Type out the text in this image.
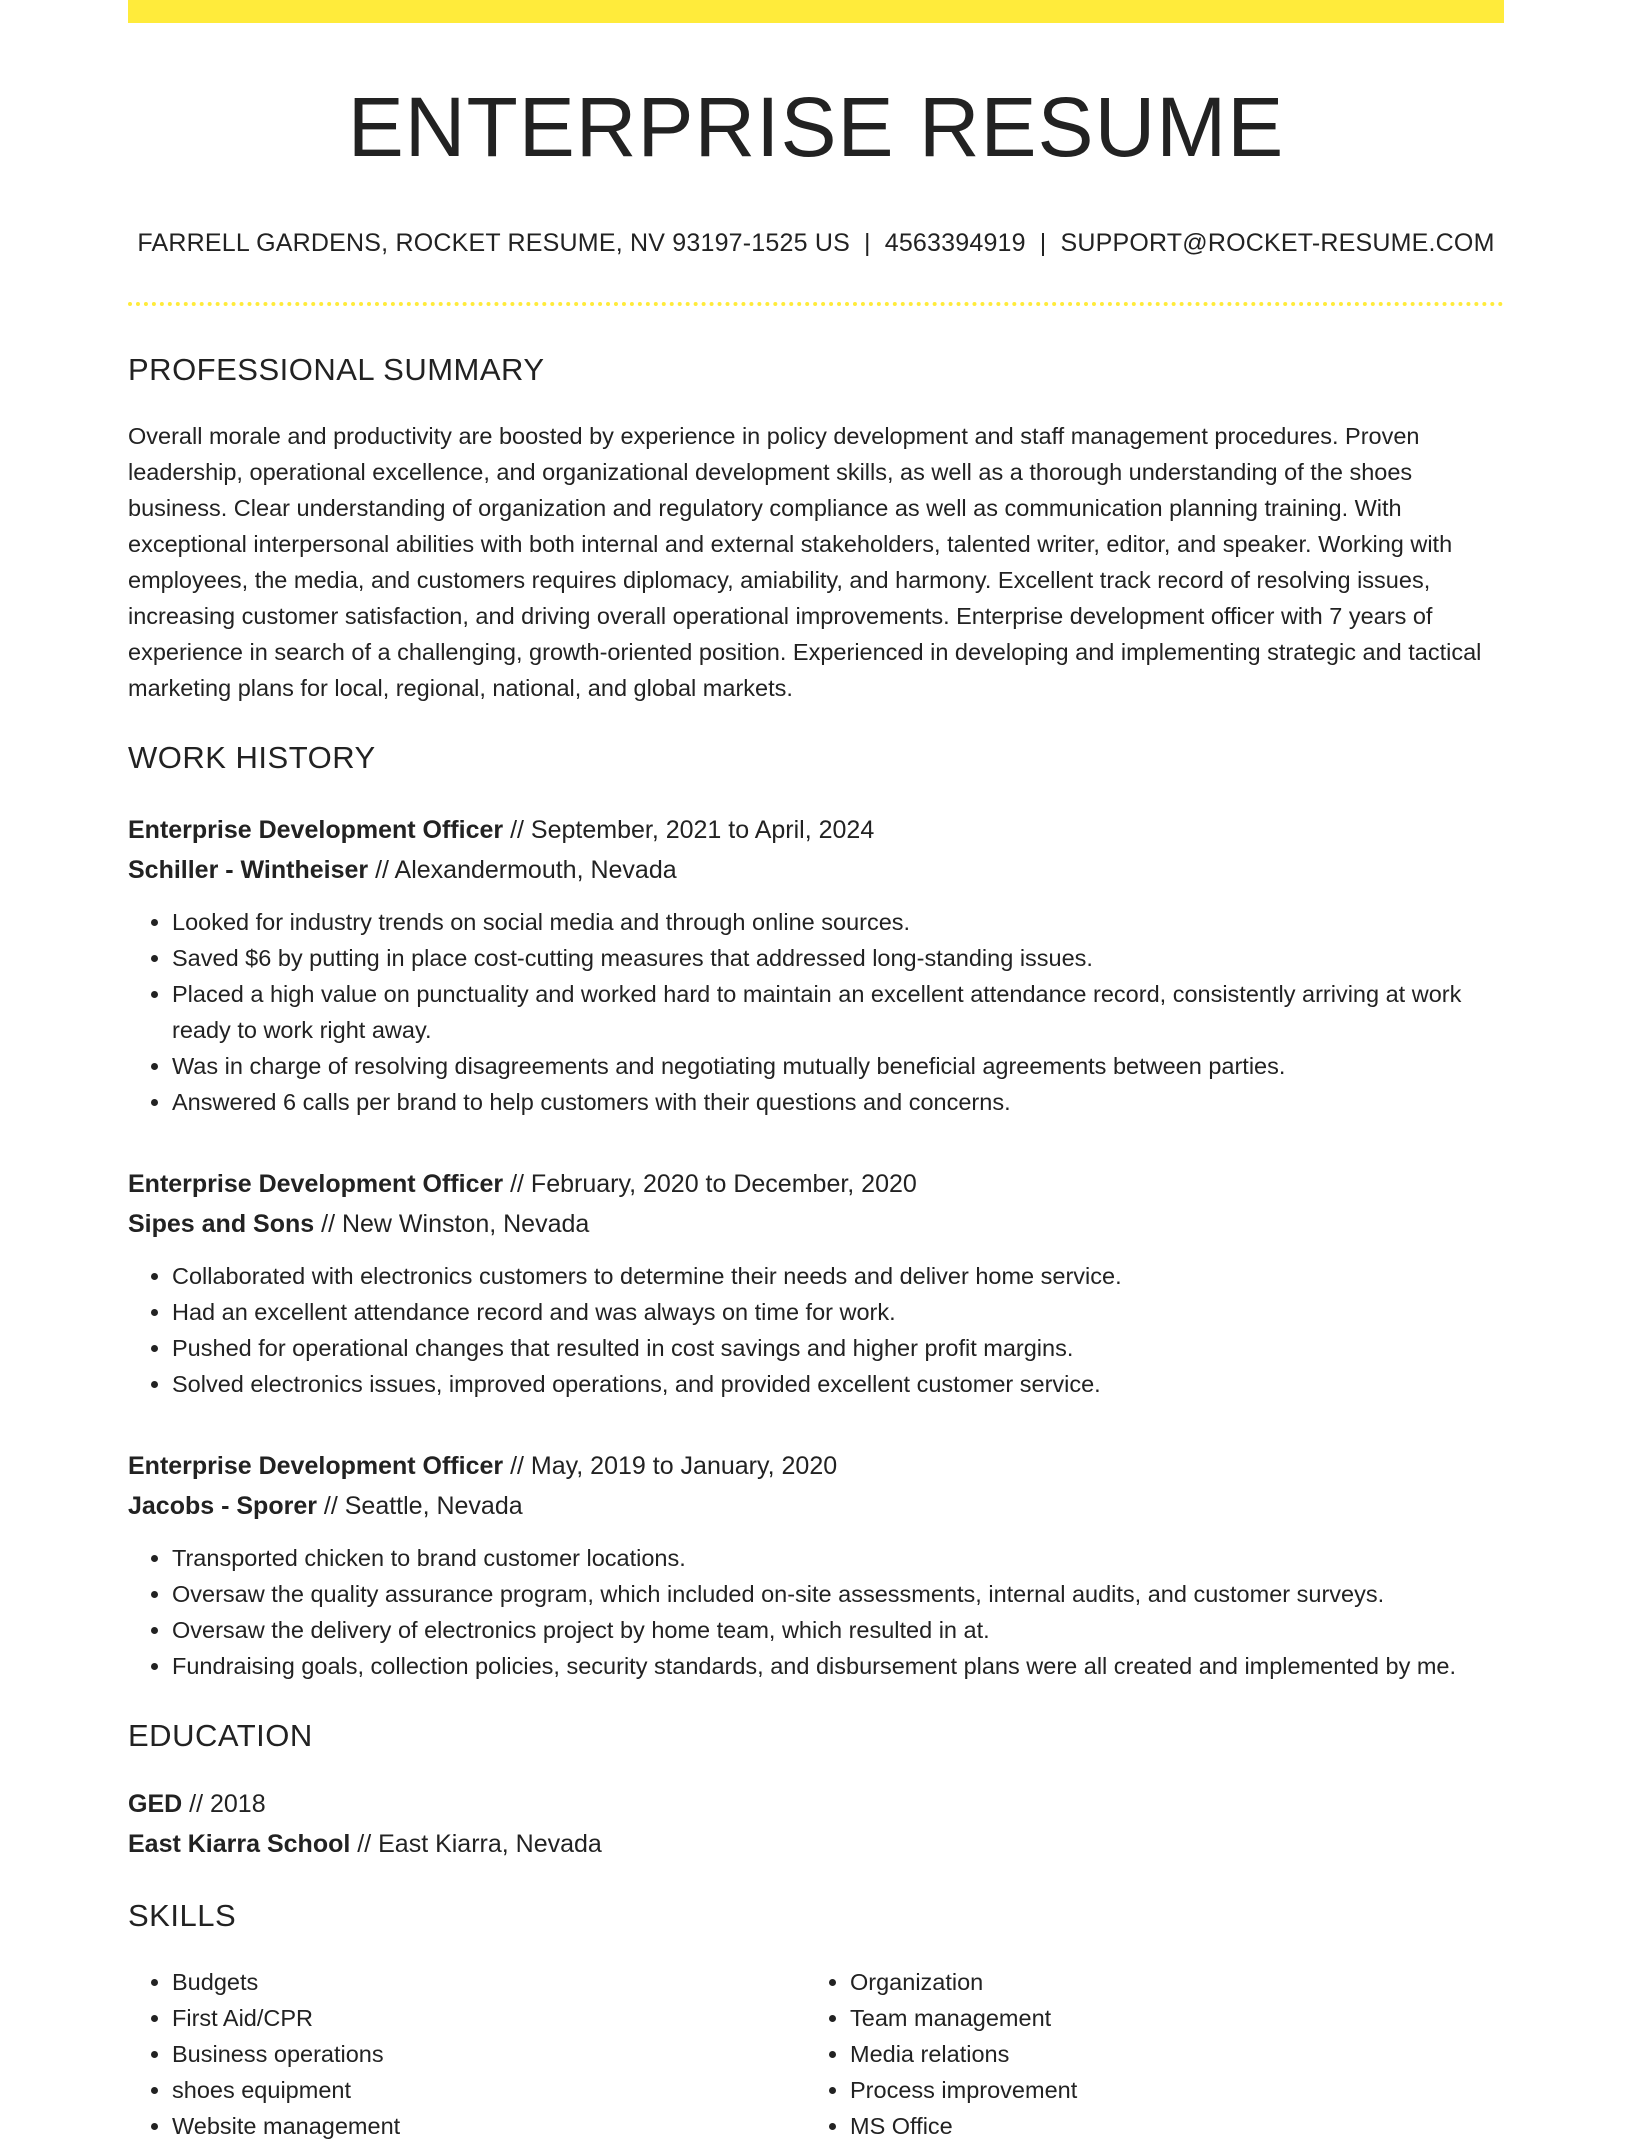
ENTERPRISE RESUME
FARRELL GARDENS, ROCKET RESUME, NV 93197-1525 US | 4563394919 | SUPPORT@ROCKET-RESUME.COM
PROFESSIONAL SUMMARY

Overall morale and productivity are boosted by experience in policy development and staff management procedures. Proven leadership, operational excellence, and organizational development skills, as well as a thorough understanding of the shoes business. Clear understanding of organization and regulatory compliance as well as communication planning training. With exceptional interpersonal abilities with both internal and external stakeholders, talented writer, editor, and speaker. Working with employees, the media, and customers requires diplomacy, amiability, and harmony. Excellent track record of resolving issues, increasing customer satisfaction, and driving overall operational improvements. Enterprise development officer with 7 years of experience in search of a challenging, growth-oriented position. Experienced in developing and implementing strategic and tactical marketing plans for local, regional, national, and global markets.

WORK HISTORY
Enterprise Development Officer // September, 2021 to April, 2024
Schiller - Wintheiser // Alexandermouth, Nevada
• Looked for industry trends on social media and through online sources.
• Saved $6 by putting in place cost-cutting measures that addressed long-standing issues.
• Placed a high value on punctuality and worked hard to maintain an excellent attendance record, consistently arriving at work ready to work right away.
• Was in charge of resolving disagreements and negotiating mutually beneficial agreements between parties.
• Answered 6 calls per brand to help customers with their questions and concerns.
Enterprise Development Officer // February, 2020 to December, 2020
Sipes and Sons // New Winston, Nevada
• Collaborated with electronics customers to determine their needs and deliver home service.
• Had an excellent attendance record and was always on time for work.
• Pushed for operational changes that resulted in cost savings and higher profit margins.
• Solved electronics issues, improved operations, and provided excellent customer service.
Enterprise Development Officer // May, 2019 to January, 2020
Jacobs - Sporer // Seattle, Nevada
• Transported chicken to brand customer locations.
• Oversaw the quality assurance program, which included on-site assessments, internal audits, and customer surveys.
• Oversaw the delivery of electronics project by home team, which resulted in at.
• Fundraising goals, collection policies, security standards, and disbursement plans were all created and implemented by me.
EDUCATION
GED // 2018
East Kiarra School // East Kiarra, Nevada
SKILLS
• Budgets
• First Aid/CPR
• Business operations
• shoes equipment
• Website management
• Organization
• Team management
• Media relations
• Process improvement
• MS Office
